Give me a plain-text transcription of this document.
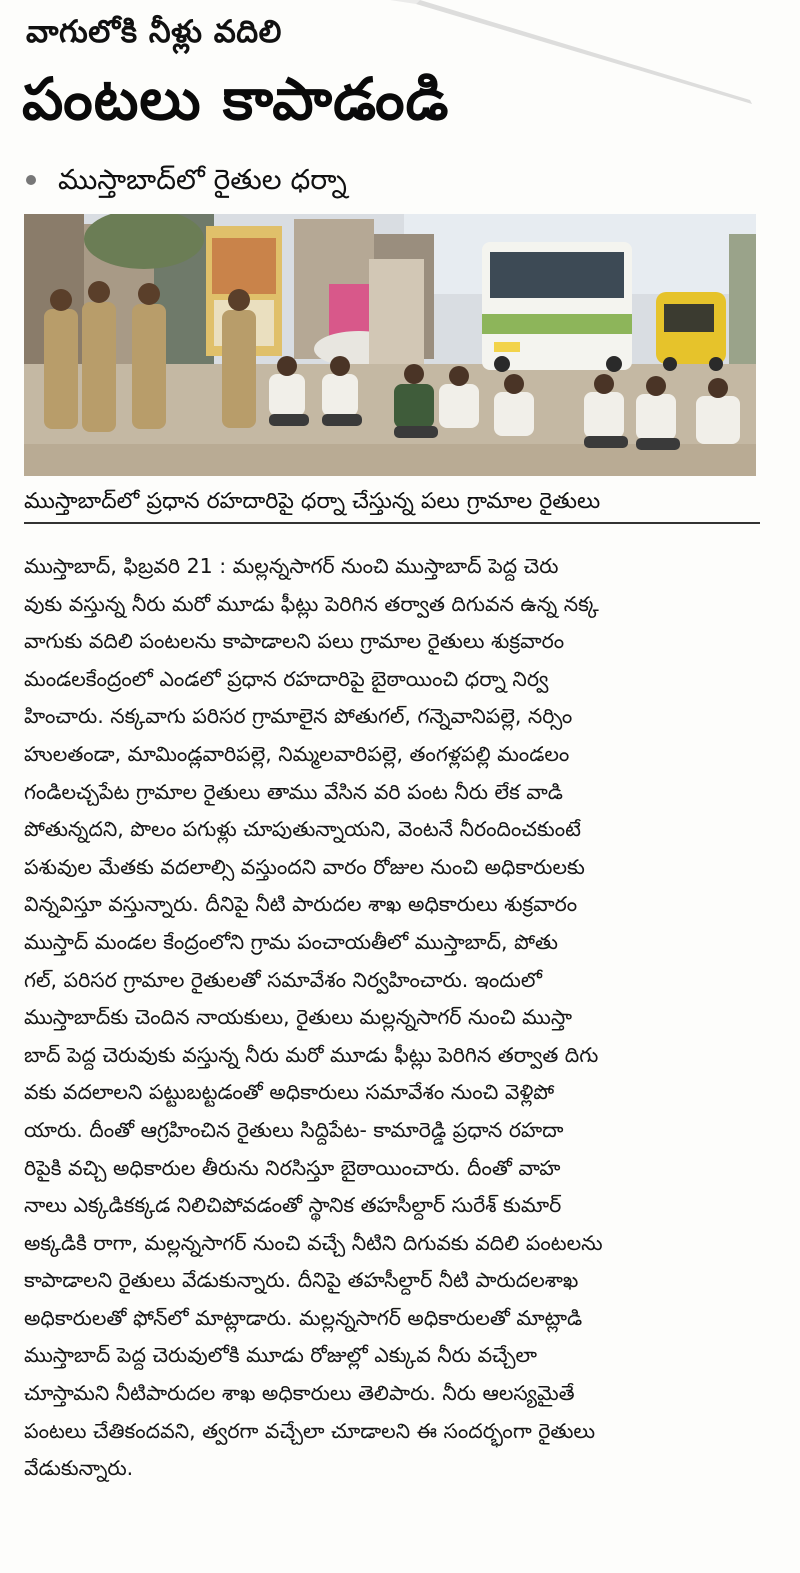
వాగులోకి నీళ్లు వదిలి
పంటలు కాపాడండి
ముస్తాబాద్‌లో రైతుల ధర్నా
ముస్తాబాద్‌లో ప్రధాన రహదారిపై ధర్నా చేస్తున్న పలు గ్రామాల రైతులు
ముస్తాబాద్, ఫిబ్రవరి 21 : మల్లన్నసాగర్ నుంచి ముస్తాబాద్ పెద్ద చెరు
వుకు వస్తున్న నీరు మరో మూడు ఫీట్లు పెరిగిన తర్వాత దిగువన ఉన్న నక్క
వాగుకు వదిలి పంటలను కాపాడాలని పలు గ్రామాల రైతులు శుక్రవారం
మండలకేంద్రంలో ఎండలో ప్రధాన రహదారిపై బైఠాయించి ధర్నా నిర్వ
హించారు. నక్కవాగు పరిసర గ్రామాలైన పోతుగల్, గన్నెవానిపల్లె, నర్సిం
హులతండా, మామిండ్లవారిపల్లె, నిమ్మలవారిపల్లె, తంగళ్లపల్లి మండలం
గండిలచ్చపేట గ్రామాల రైతులు తాము వేసిన వరి పంట నీరు లేక వాడి
పోతున్నదని, పొలం పగుళ్లు చూపుతున్నాయని, వెంటనే నీరందించకుంటే
పశువుల మేతకు వదలాల్సి వస్తుందని వారం రోజుల నుంచి అధికారులకు
విన్నవిస్తూ వస్తున్నారు. దీనిపై నీటి పారుదల శాఖ అధికారులు శుక్రవారం
ముస్తాద్ మండల కేంద్రంలోని గ్రామ పంచాయతీలో ముస్తాబాద్, పోతు
గల్, పరిసర గ్రామాల రైతులతో సమావేశం నిర్వహించారు. ఇందులో
ముస్తాబాద్‌కు చెందిన నాయకులు, రైతులు మల్లన్నసాగర్ నుంచి ముస్తా
బాద్ పెద్ద చెరువుకు వస్తున్న నీరు మరో మూడు ఫీట్లు పెరిగిన తర్వాత దిగు
వకు వదలాలని పట్టుబట్టడంతో అధికారులు సమావేశం నుంచి వెళ్లిపో
యారు. దీంతో ఆగ్రహించిన రైతులు సిద్దిపేట- కామారెడ్డి ప్రధాన రహదా
రిపైకి వచ్చి అధికారుల తీరును నిరసిస్తూ బైఠాయించారు. దీంతో వాహ
నాలు ఎక్కడికక్కడ నిలిచిపోవడంతో స్థానిక తహసీల్దార్ సురేశ్ కుమార్
అక్కడికి రాగా, మల్లన్నసాగర్ నుంచి వచ్చే నీటిని దిగువకు వదిలి పంటలను
కాపాడాలని రైతులు వేడుకున్నారు. దీనిపై తహసీల్దార్ నీటి పారుదలశాఖ
అధికారులతో ఫోన్‌లో మాట్లాడారు. మల్లన్నసాగర్ అధికారులతో మాట్లాడి
ముస్తాబాద్ పెద్ద చెరువులోకి మూడు రోజుల్లో ఎక్కువ నీరు వచ్చేలా
చూస్తామని నీటిపారుదల శాఖ అధికారులు తెలిపారు. నీరు ఆలస్యమైతే
పంటలు చేతికందవని, త్వరగా వచ్చేలా చూడాలని ఈ సందర్భంగా రైతులు
వేడుకున్నారు.
